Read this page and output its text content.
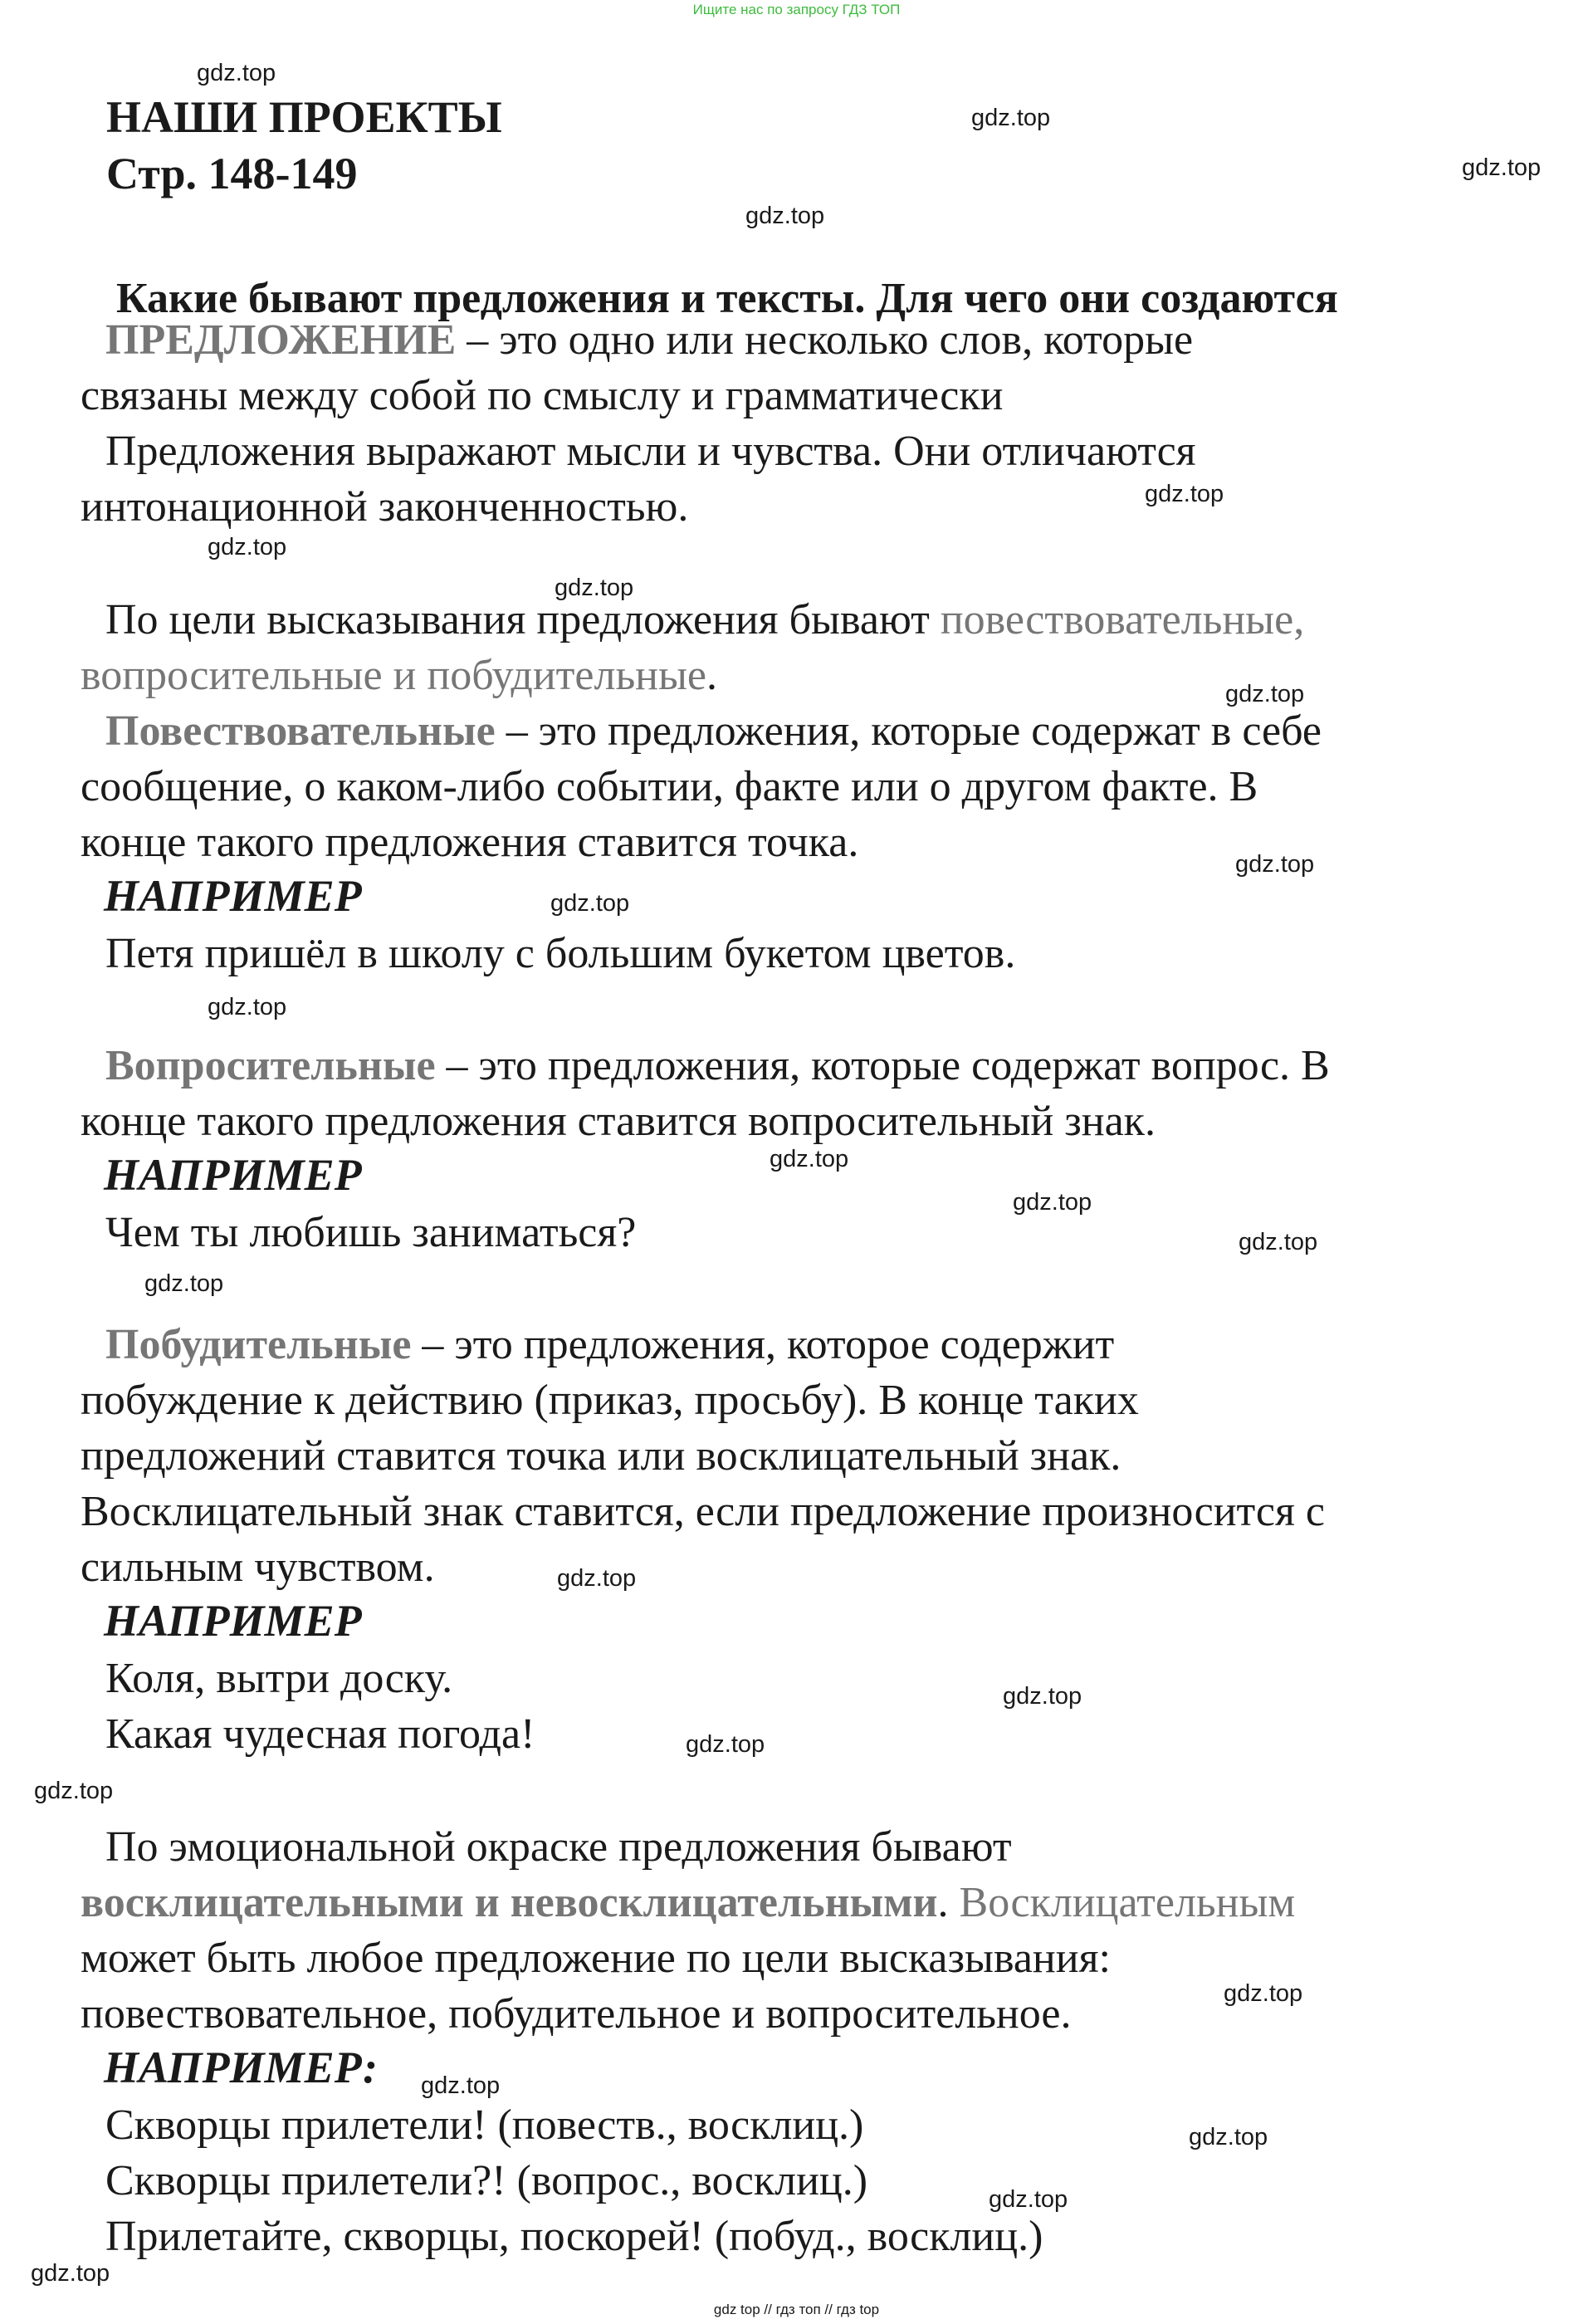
Ищите нас по запросу ГДЗ ТОП
gdz.top
gdz.top
gdz.top
gdz.top
gdz.top
gdz.top
gdz.top
gdz.top
gdz.top
gdz.top
gdz.top
gdz.top
gdz.top
gdz.top
gdz.top
gdz.top
gdz.top
gdz.top
gdz.top
gdz.top
gdz.top
gdz.top
gdz.top
gdz.top
НАШИ ПРОЕКТЫ
Стр. 148-149
Какие бывают предложения и тексты. Для чего они создаются
ПРЕДЛОЖЕНИЕ – это одно или несколько слов, которые
связаны между собой по смыслу и грамматически
Предложения выражают мысли и чувства. Они отличаются
интонационной законченностью.
По цели высказывания предложения бывают повествовательные,
вопросительные и побудительные.
Повествовательные – это предложения, которые содержат в себе
сообщение, о каком-либо событии, факте или о другом факте. В
конце такого предложения ставится точка.
НАПРИМЕР
Петя пришёл в школу с большим букетом цветов.
Вопросительные – это предложения, которые содержат вопрос. В
конце такого предложения ставится вопросительный знак.
НАПРИМЕР
Чем ты любишь заниматься?
Побудительные – это предложения, которое содержит
побуждение к действию (приказ, просьбу). В конце таких
предложений ставится точка или восклицательный знак.
Восклицательный знак ставится, если предложение произносится с
сильным чувством.
НАПРИМЕР
Коля, вытри доску.
Какая чудесная погода!
По эмоциональной окраске предложения бывают
восклицательными и невосклицательными. Восклицательным
может быть любое предложение по цели высказывания:
повествовательное, побудительное и вопросительное.
НАПРИМЕР:
Скворцы прилетели! (повеств., восклиц.)
Скворцы прилетели?! (вопрос., восклиц.)
Прилетайте, скворцы, поскорей! (побуд., восклиц.)
gdz top // гдз топ // гдз top
